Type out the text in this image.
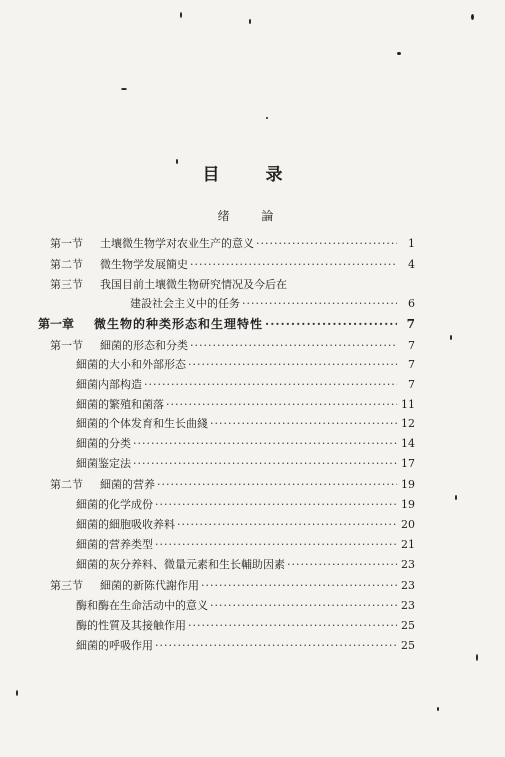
目 录
绪 論
第一节	土壤微生物学对农业生产的意义 ·····	1
第二节	微生物学发展簡史 ·····	4
第三节	我国目前土壤微生物研究情况及今后在
建設社会主义中的任务 ·····	6
第一章	微生物的种类形态和生理特性 ·····	7
第一节	細菌的形态和分类 ·····	7
細菌的大小和外部形态 ·····	7
細菌内部构造 ·····	7
細菌的繁殖和菌落 ·····	11
細菌的个体发育和生长曲綫 ·····	12
細菌的分类 ·····	14
細菌鉴定法 ·····	17
第二节	細菌的营养 ·····	19
細菌的化学成份 ·····	19
細菌的細胞吸收养料 ·····	20
細菌的营养类型 ·····	21
細菌的灰分养料、微量元素和生长輔助因素 ·····	23
第三节	細菌的新陈代謝作用 ·····	23
酶和酶在生命活动中的意义 ·····	23
酶的性質及其接触作用 ·····	25
細菌的呼吸作用 ·····	25
